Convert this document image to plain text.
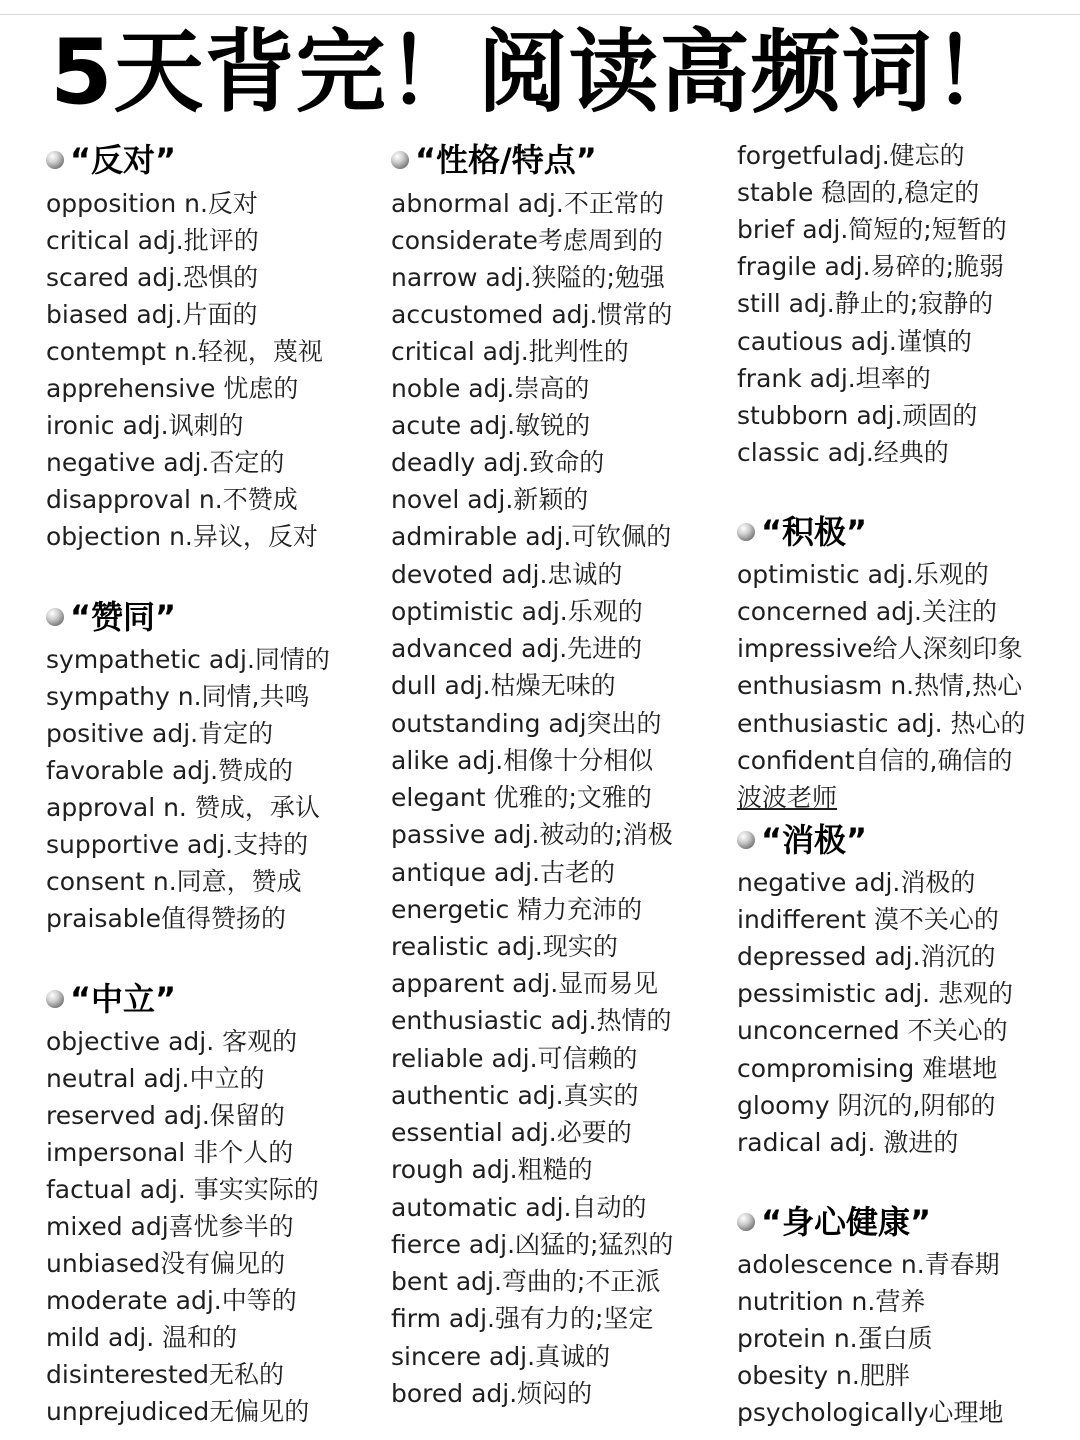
5天背完！阅读高频词！
“反对”
opposition n.反对
critical adj.批评的
scared adj.恐惧的
biased adj.片面的
contempt n.轻视，蔑视
apprehensive 忧虑的
ironic adj.讽刺的
negative adj.否定的
disapproval n.不赞成
objection n.异议，反对
“赞同”
sympathetic adj.同情的
sympathy n.同情,共鸣
positive adj.肯定的
favorable adj.赞成的
approval n. 赞成，承认
supportive adj.支持的
consent n.同意，赞成
praisable值得赞扬的
“中立”
objective adj. 客观的
neutral adj.中立的
reserved adj.保留的
impersonal 非个人的
factual adj. 事实实际的
mixed adj喜忧参半的
unbiased没有偏见的
moderate adj.中等的
mild adj. 温和的
disinterested无私的
unprejudiced无偏见的
“性格/特点”
abnormal adj.不正常的
considerate考虑周到的
narrow adj.狭隘的;勉强
accustomed adj.惯常的
critical adj.批判性的
noble adj.崇高的
acute adj.敏锐的
deadly adj.致命的
novel adj.新颖的
admirable adj.可钦佩的
devoted adj.忠诚的
optimistic adj.乐观的
advanced adj.先进的
dull adj.枯燥无味的
outstanding adj突出的
alike adj.相像十分相似
elegant 优雅的;文雅的
passive adj.被动的;消极
antique adj.古老的
energetic 精力充沛的
realistic adj.现实的
apparent adj.显而易见
enthusiastic adj.热情的
reliable adj.可信赖的
authentic adj.真实的
essential adj.必要的
rough adj.粗糙的
automatic adj.自动的
fierce adj.凶猛的;猛烈的
bent adj.弯曲的;不正派
firm adj.强有力的;坚定
sincere adj.真诚的
bored adj.烦闷的
forgetfuladj.健忘的
stable 稳固的,稳定的
brief adj.简短的;短暂的
fragile adj.易碎的;脆弱
still adj.静止的;寂静的
cautious adj.谨慎的
frank adj.坦率的
stubborn adj.顽固的
classic adj.经典的
“积极”
optimistic adj.乐观的
concerned adj.关注的
impressive给人深刻印象
enthusiasm n.热情,热心
enthusiastic adj. 热心的
confident自信的,确信的
波波老师
“消极”
negative adj.消极的
indifferent 漠不关心的
depressed adj.消沉的
pessimistic adj. 悲观的
unconcerned 不关心的
compromising 难堪地
gloomy 阴沉的,阴郁的
radical adj. 激进的
“身心健康”
adolescence n.青春期
nutrition n.营养
protein n.蛋白质
obesity n.肥胖
psychologically心理地
